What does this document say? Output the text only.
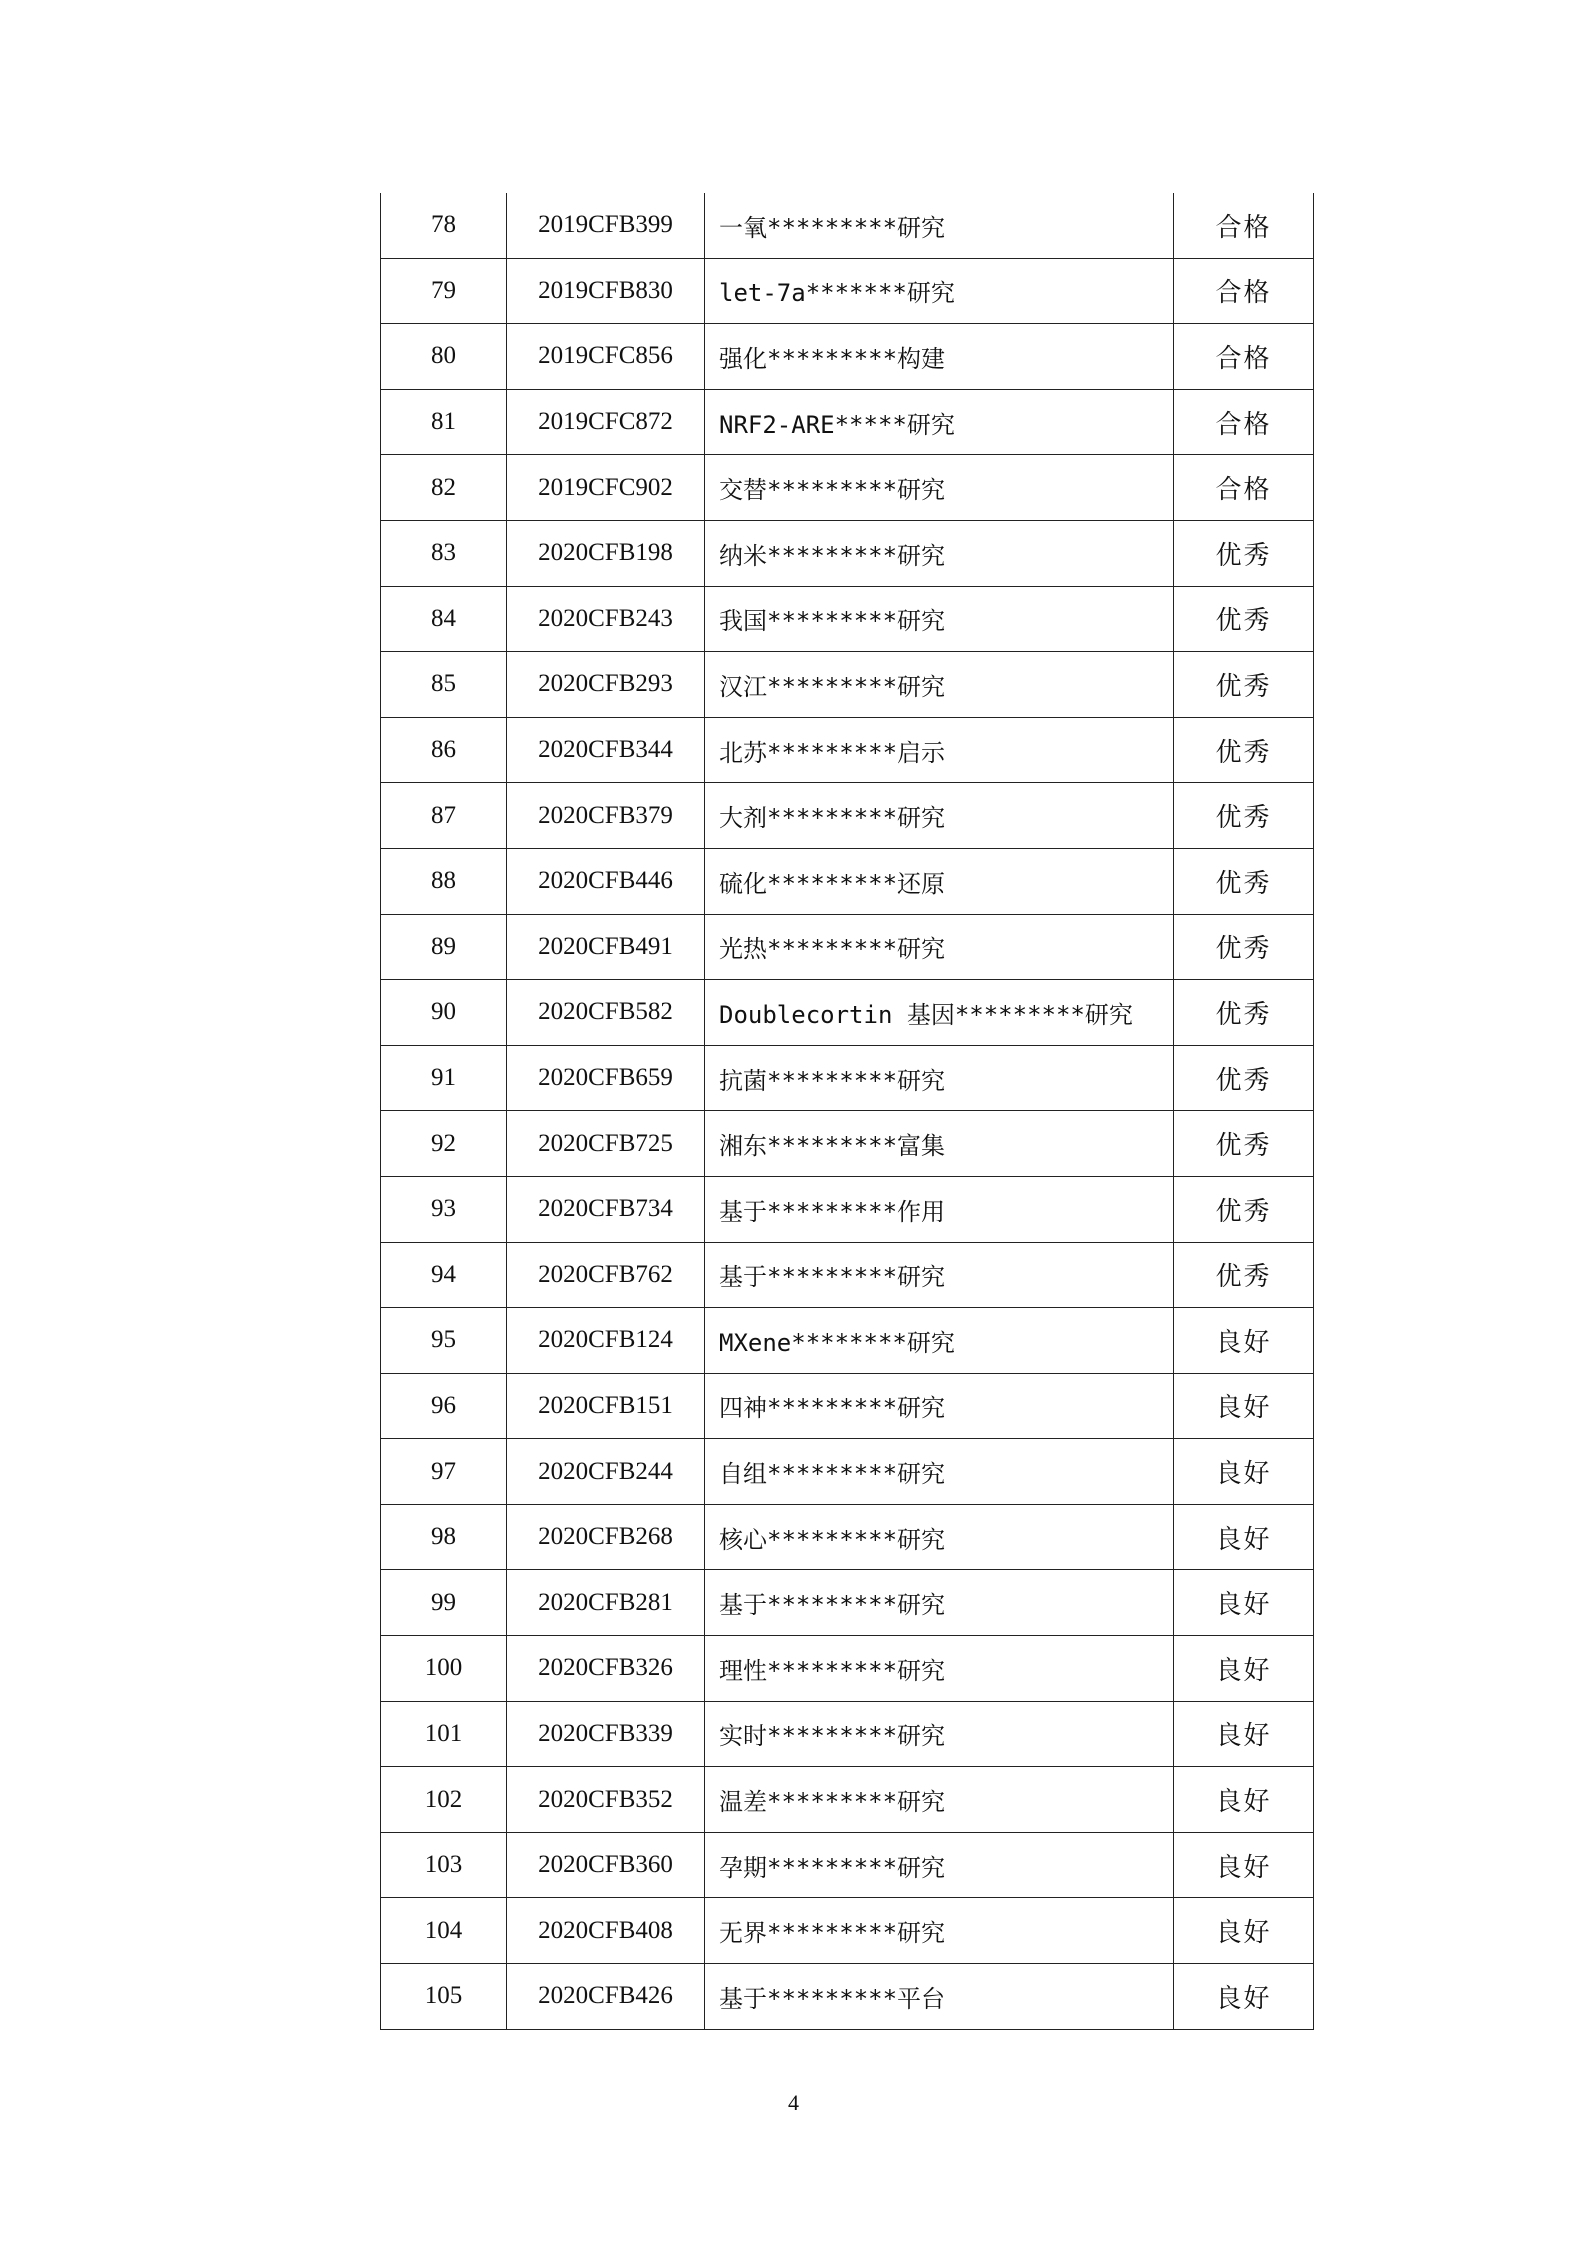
78	2019CFB399	一氧*********研究	合格
79	2019CFB830	let-7a*******研究	合格
80	2019CFC856	强化*********构建	合格
81	2019CFC872	NRF2-ARE*****研究	合格
82	2019CFC902	交替*********研究	合格
83	2020CFB198	纳米*********研究	优秀
84	2020CFB243	我国*********研究	优秀
85	2020CFB293	汉江*********研究	优秀
86	2020CFB344	北苏*********启示	优秀
87	2020CFB379	大剂*********研究	优秀
88	2020CFB446	硫化*********还原	优秀
89	2020CFB491	光热*********研究	优秀
90	2020CFB582	Doublecortin 基因*********研究	优秀
91	2020CFB659	抗菌*********研究	优秀
92	2020CFB725	湘东*********富集	优秀
93	2020CFB734	基于*********作用	优秀
94	2020CFB762	基于*********研究	优秀
95	2020CFB124	MXene********研究	良好
96	2020CFB151	四神*********研究	良好
97	2020CFB244	自组*********研究	良好
98	2020CFB268	核心*********研究	良好
99	2020CFB281	基于*********研究	良好
100	2020CFB326	理性*********研究	良好
101	2020CFB339	实时*********研究	良好
102	2020CFB352	温差*********研究	良好
103	2020CFB360	孕期*********研究	良好
104	2020CFB408	无界*********研究	良好
105	2020CFB426	基于*********平台	良好
4
